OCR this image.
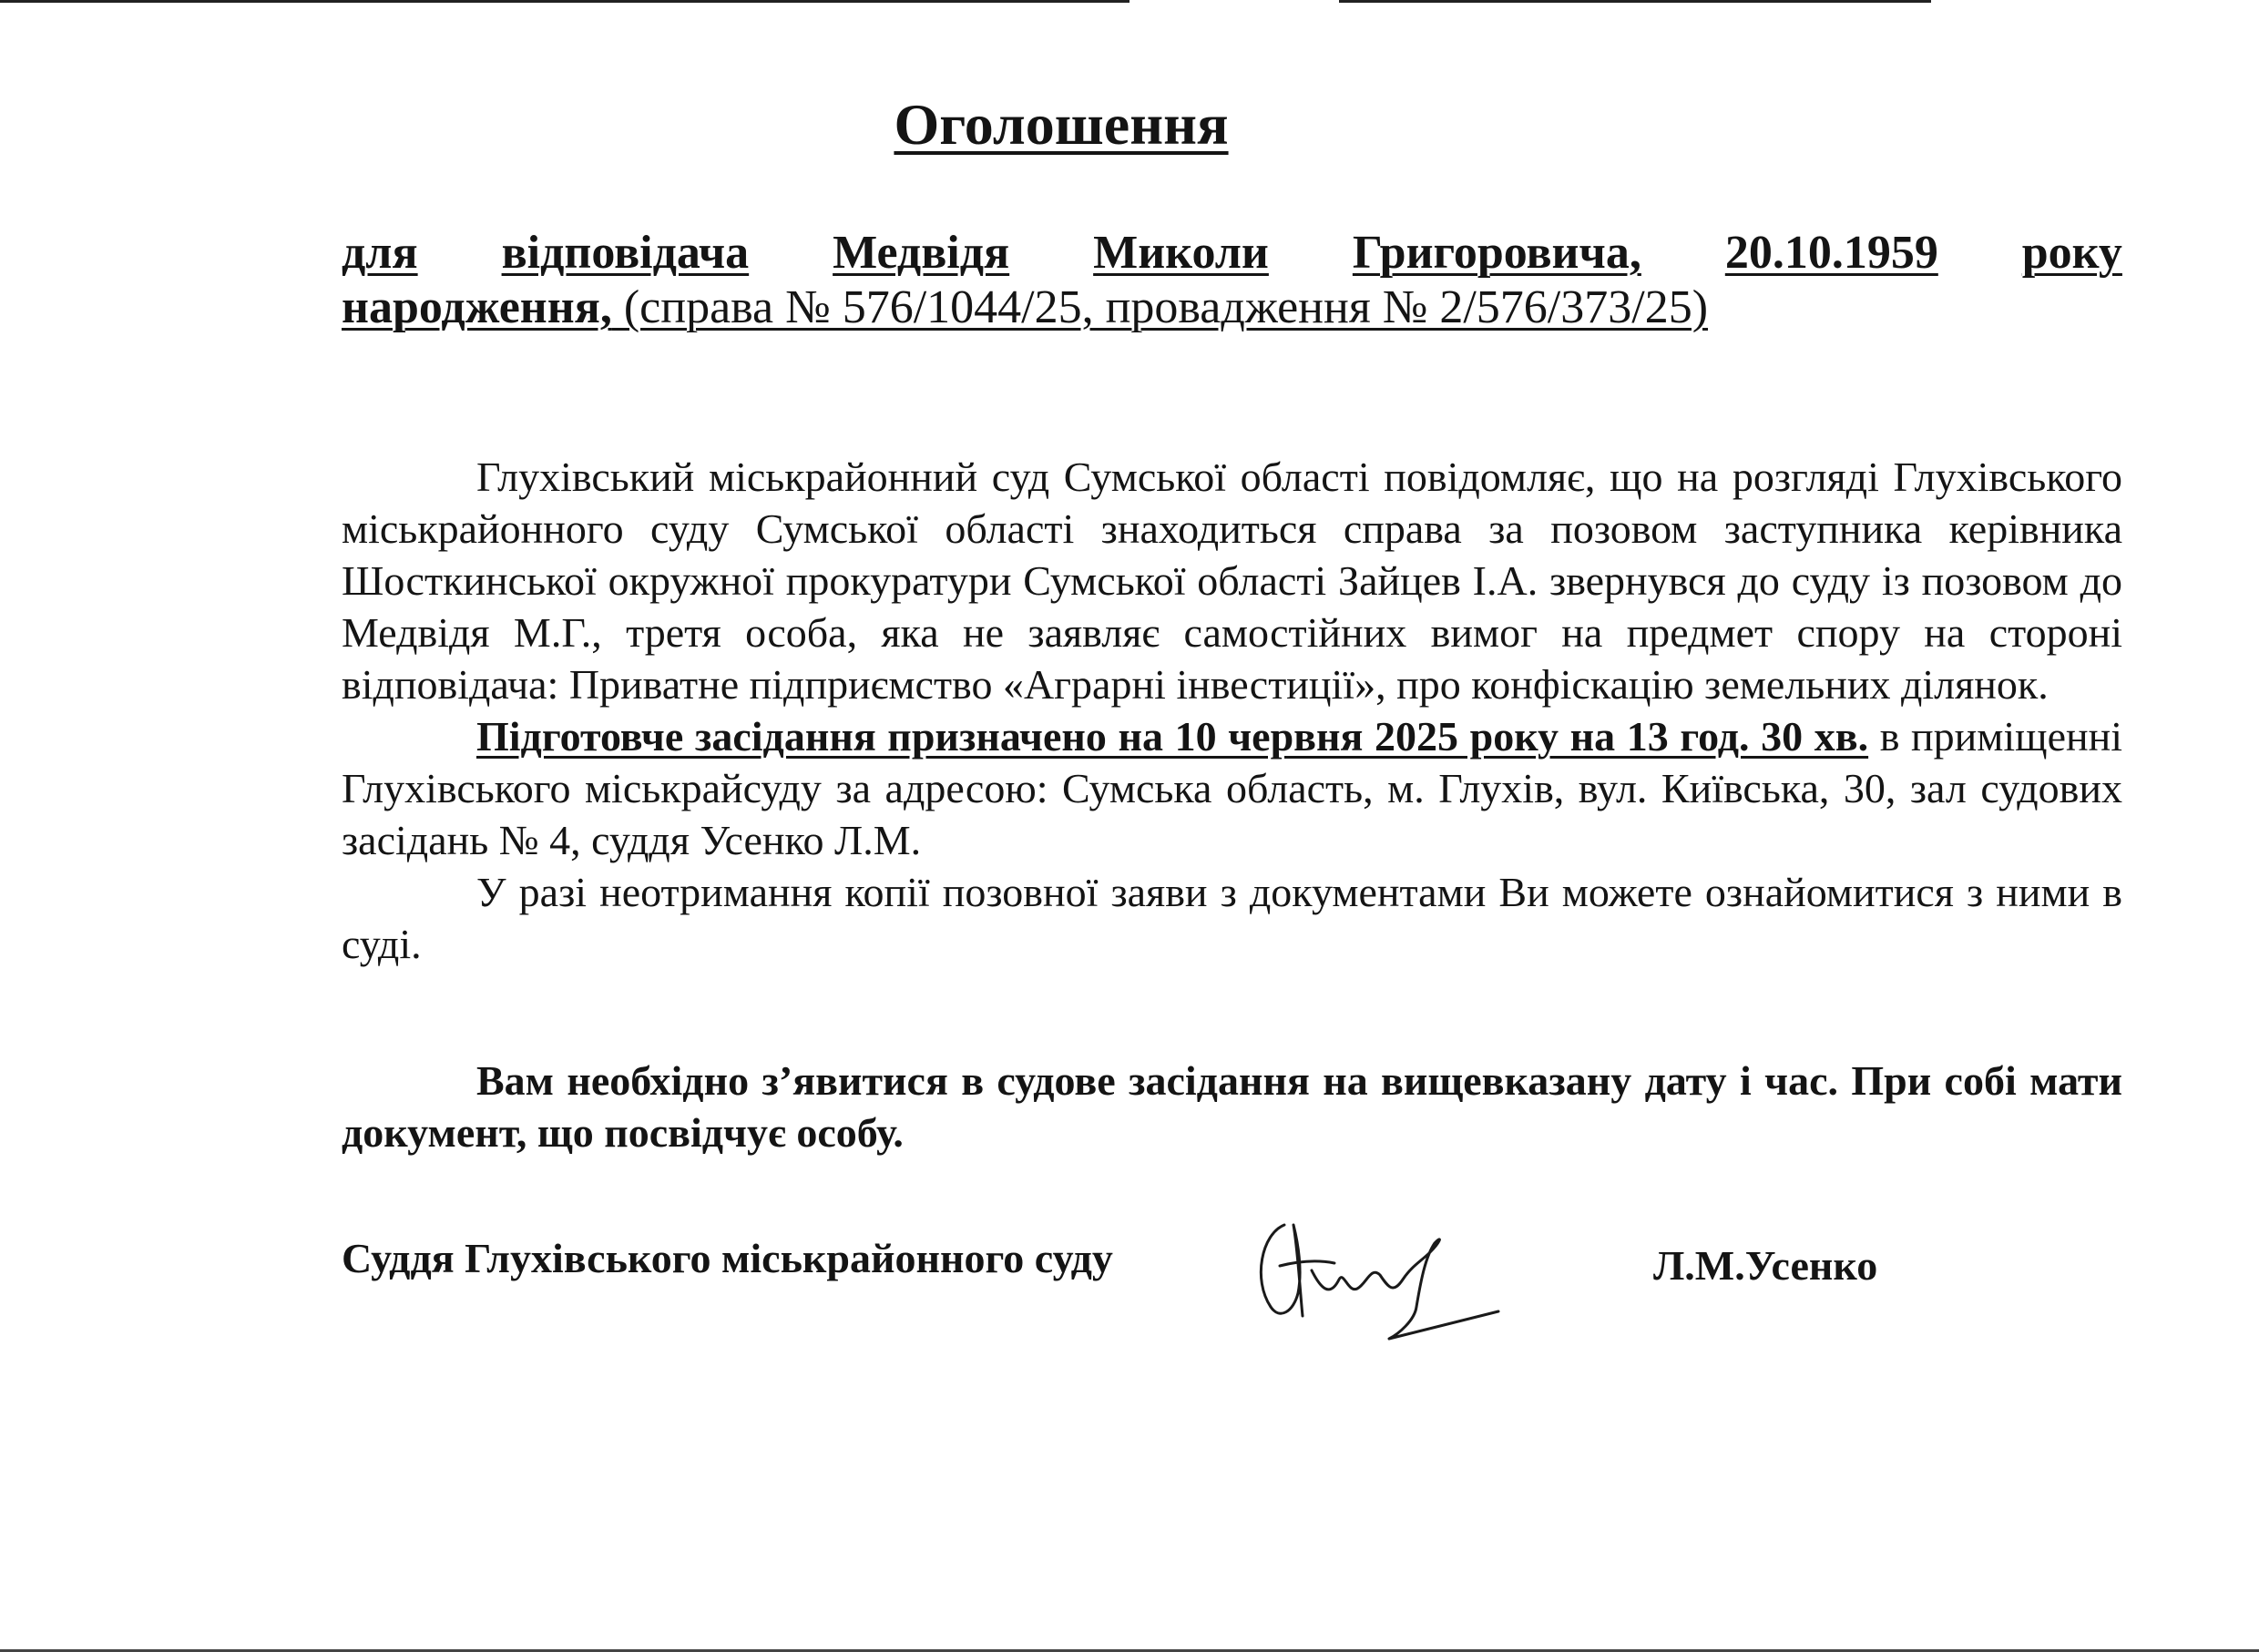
Оголошення
для відповідача Медвідя Миколи Григоровича, 20.10.1959 року
народження, (справа № 576/1044/25, провадження № 2/576/373/25)

Глухівський міськрайонний суд Сумської області повідомляє, що на розгляді Глухівського міськрайонного суду Сумської області знаходиться справа за позовом заступника керівника Шосткинської окружної прокуратури Сумської області Зайцев І.А. звернувся до суду із позовом до Медвідя М.Г., третя особа, яка не заявляє самостійних вимог на предмет спору на стороні відповідача: Приватне підприємство «Аграрні інвестиції», про конфіскацію земельних ділянок.

Підготовче засідання призначено на 10 червня 2025 року на 13 год. 30 хв. в приміщенні Глухівського міськрайсуду за адресою: Сумська область, м. Глухів, вул. Київська, 30, зал судових засідань № 4, суддя Усенко Л.М.

У разі неотримання копії позовної заяви з документами Ви можете ознайомитися з ними в суді.

Вам необхідно з’явитися в судове засідання на вищевказану дату і час. При собі мати документ, що посвідчує особу.

Суддя Глухівського міськрайонного суду	Л.М.Усенко
